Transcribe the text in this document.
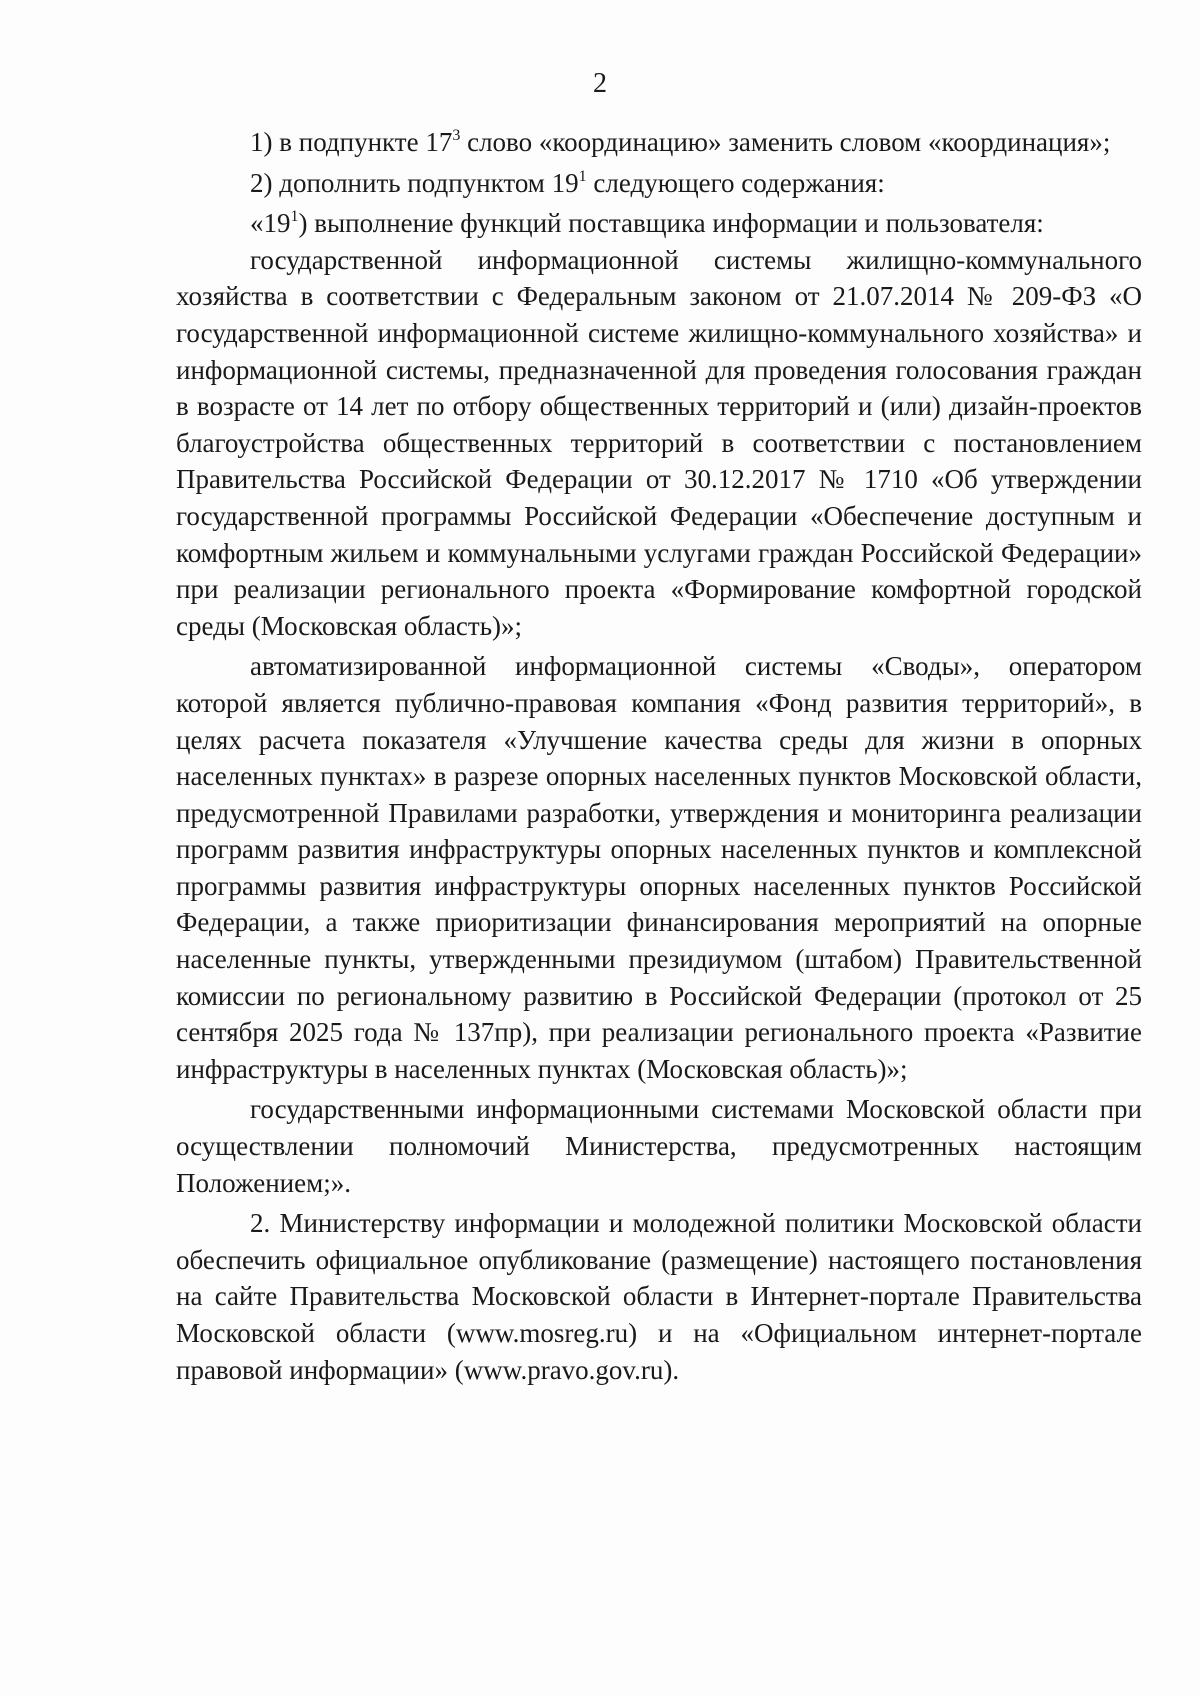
2

1) в подпункте $17^3$ слово «координацию» заменить словом «координация»;

2) дополнить подпунктом $19^1$ следующего содержания:

«$19^1$) выполнение функций поставщика информации и пользователя:

государственной информационной системы жилищно-коммунального хозяйства в соответствии с Федеральным законом от 21.07.2014 № 209-ФЗ «О государственной информационной системе жилищно-коммунального хозяйства» и информационной системы, предназначенной для проведения голосования граждан в возрасте от 14 лет по отбору общественных территорий и (или) дизайн-проектов благоустройства общественных территорий в соответствии с постановлением Правительства Российской Федерации от 30.12.2017 № 1710 «Об утверждении государственной программы Российской Федерации «Обеспечение доступным и комфортным жильем и коммунальными услугами граждан Российской Федерации» при реализации регионального проекта «Формирование комфортной городской среды (Московская область)»;

автоматизированной информационной системы «Своды», оператором которой является публично-правовая компания «Фонд развития территорий», в целях расчета показателя «Улучшение качества среды для жизни в опорных населенных пунктах» в разрезе опорных населенных пунктов Московской области, предусмотренной Правилами разработки, утверждения и мониторинга реализации программ развития инфраструктуры опорных населенных пунктов и комплексной программы развития инфраструктуры опорных населенных пунктов Российской Федерации, а также приоритизации финансирования мероприятий на опорные населенные пункты, утвержденными президиумом (штабом) Правительственной комиссии по региональному развитию в Российской Федерации (протокол от 25 сентября 2025 года № 137пр), при реализации регионального проекта «Развитие инфраструктуры в населенных пунктах (Московская область)»;

государственными информационными системами Московской области при осуществлении полномочий Министерства, предусмотренных настоящим Положением;».

2. Министерству информации и молодежной политики Московской области обеспечить официальное опубликование (размещение) настоящего постановления на сайте Правительства Московской области в Интернет-портале Правительства Московской области (www.mosreg.ru) и на «Официальном интернет-портале правовой информации» (www.pravo.gov.ru).
